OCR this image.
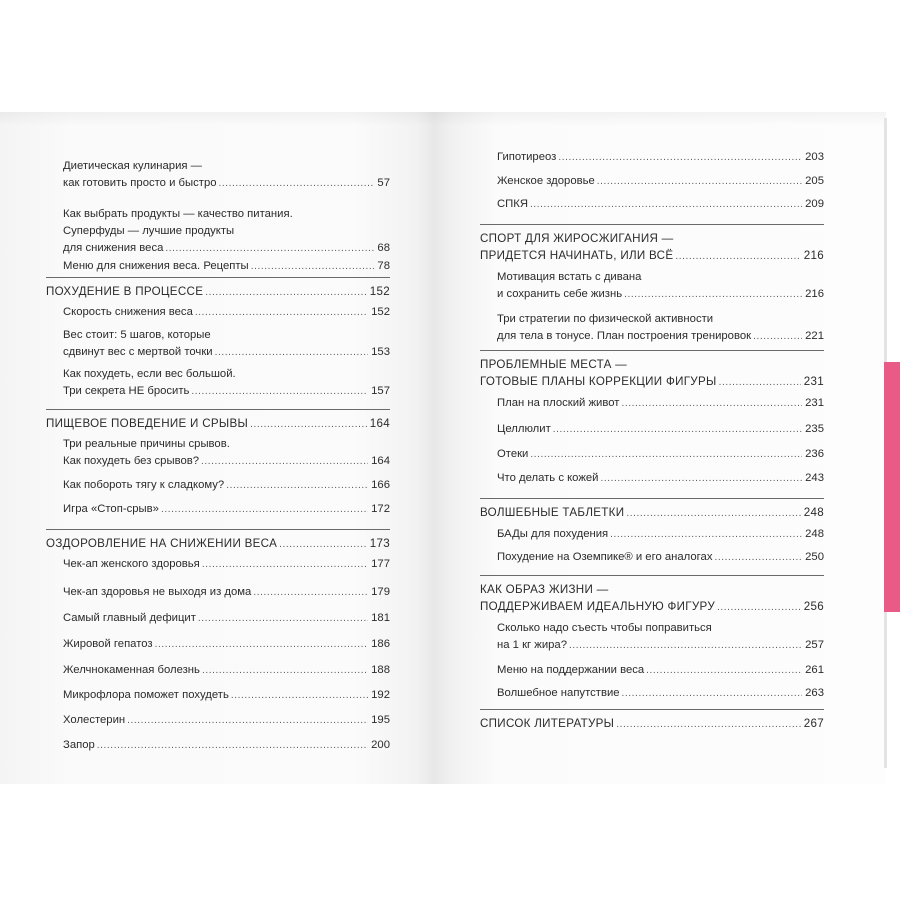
Диетическая кулинария —
как готовить просто и быстро .....	57
Как выбрать продукты — качество питания.
Суперфуды — лучшие продукты
для снижения веса .....	68
Меню для снижения веса. Рецепты .....	78
ПОХУДЕНИЕ В ПРОЦЕССЕ .....	152
Скорость снижения веса .....	152
Вес стоит: 5 шагов, которые
сдвинут вес с мертвой точки .....	153
Как похудеть, если вес большой.
Три секрета НЕ бросить .....	157
ПИЩЕВОЕ ПОВЕДЕНИЕ И СРЫВЫ .....	164
Три реальные причины срывов.
Как похудеть без срывов? .....	164
Как побороть тягу к сладкому? .....	166
Игра «Стоп-срыв» .....	172
ОЗДОРОВЛЕНИЕ НА СНИЖЕНИИ ВЕСА .....	173
Чек-ап женского здоровья .....	177
Чек-ап здоровья не выходя из дома .....	179
Самый главный дефицит .....	181
Жировой гепатоз .....	186
Желчнокаменная болезнь .....	188
Микрофлора поможет похудеть .....	192
Холестерин .....	195
Запор .....	200
Гипотиреоз .....	203
Женское здоровье .....	205
СПКЯ .....	209
СПОРТ ДЛЯ ЖИРОСЖИГАНИЯ —
ПРИДЕТСЯ НАЧИНАТЬ, ИЛИ ВСЁ .....	216
Мотивация встать с дивана
и сохранить себе жизнь .....	216
Три стратегии по физической активности
для тела в тонусе. План построения тренировок .....	221
ПРОБЛЕМНЫЕ МЕСТА —
ГОТОВЫЕ ПЛАНЫ КОРРЕКЦИИ ФИГУРЫ .....	231
План на плоский живот .....	231
Целлюлит .....	235
Отеки .....	236
Что делать с кожей .....	243
ВОЛШЕБНЫЕ ТАБЛЕТКИ .....	248
БАДы для похудения .....	248
Похудение на Оземпике® и его аналогах .....	250
КАК ОБРАЗ ЖИЗНИ —
ПОДДЕРЖИВАЕМ ИДЕАЛЬНУЮ ФИГУРУ .....	256
Сколько надо съесть чтобы поправиться
на 1 кг жира? .....	257
Меню на поддержании веса .....	261
Волшебное напутствие .....	263
СПИСОК ЛИТЕРАТУРЫ .....	267
